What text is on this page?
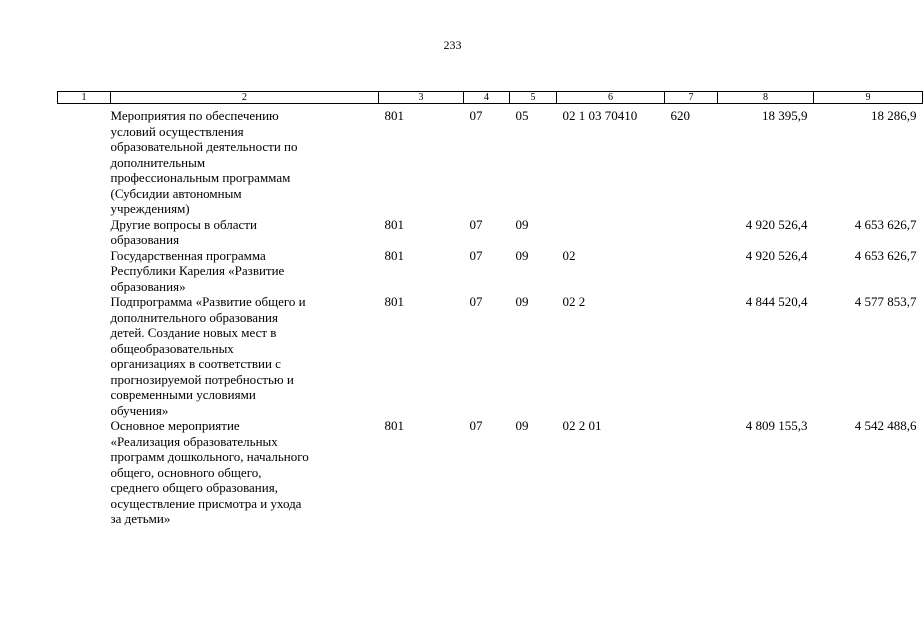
233
1	2	3	4	5	6	7	8	9

	Мероприятия по обеспечению условий осуществления образовательной деятельности по дополнительным профессиональным программам (Субсидии автономным учреждениям)	801	07	05	02 1 03 70410	620	18 395,9	18 286,9

	Другие вопросы в области образования	801	07	09			4 920 526,4	4 653 626,7

	Государственная программа Республики Карелия «Развитие образования»	801	07	09	02		4 920 526,4	4 653 626,7

	Подпрограмма «Развитие общего и дополнительного образования детей. Создание новых мест в общеобразовательных организациях в соответствии с прогнозируемой потребностью и современными условиями обучения»	801	07	09	02 2		4 844 520,4	4 577 853,7

	Основное мероприятие «Реализация образовательных программ дошкольного, начального общего, основного общего, среднего общего образования, осуществление присмотра и ухода за детьми»	801	07	09	02 2 01		4 809 155,3	4 542 488,6
